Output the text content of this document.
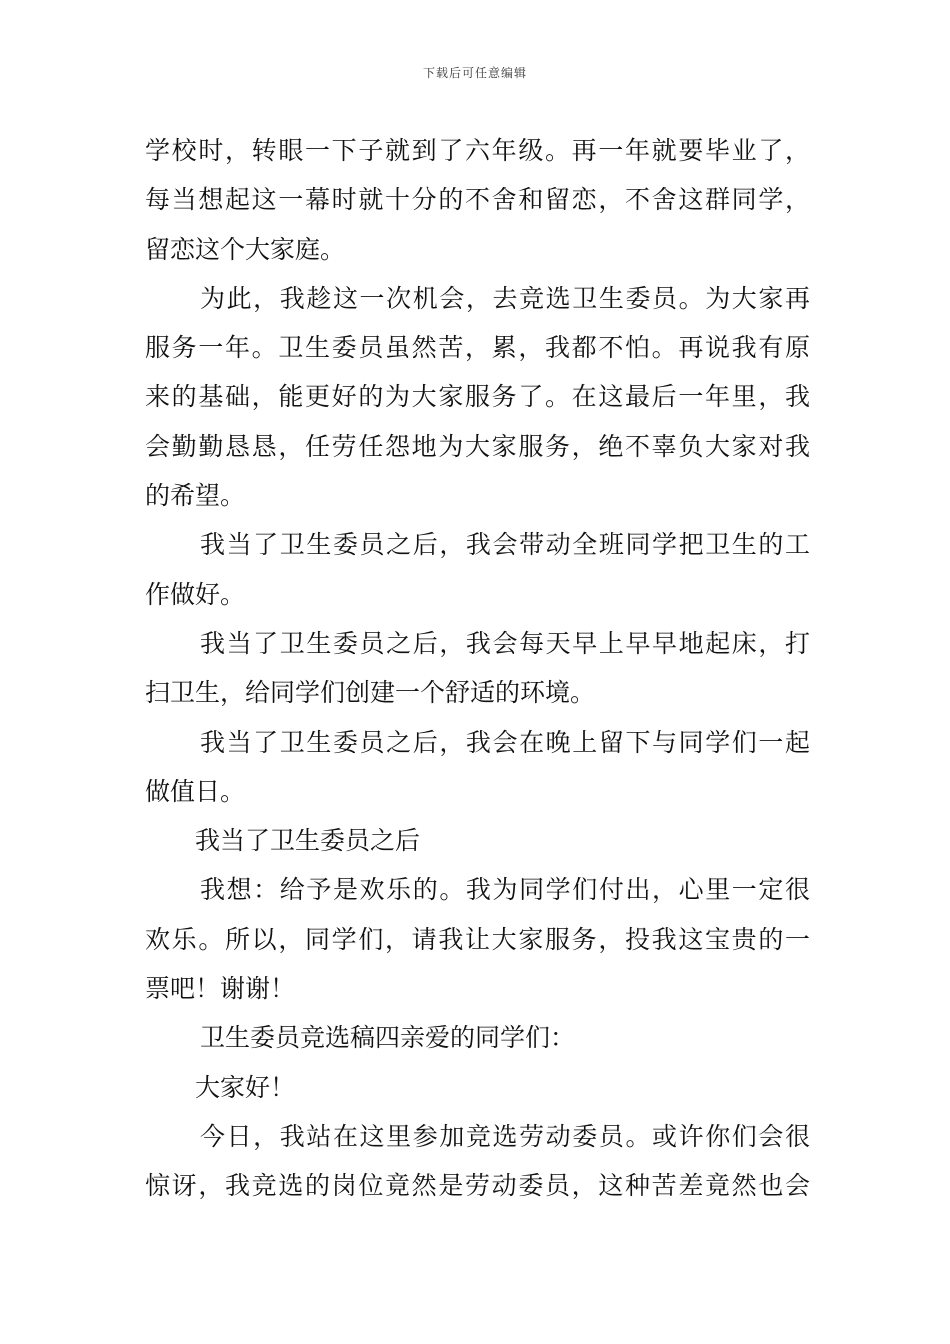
下载后可任意编辑
学校时，转眼一下子就到了六年级。再一年就要毕业了，
每当想起这一幕时就十分的不舍和留恋，不舍这群同学，
留恋这个大家庭。
为此，我趁这一次机会，去竞选卫生委员。为大家再
服务一年。卫生委员虽然苦，累，我都不怕。再说我有原
来的基础，能更好的为大家服务了。在这最后一年里，我
会勤勤恳恳，任劳任怨地为大家服务，绝不辜负大家对我
的希望。
我当了卫生委员之后，我会带动全班同学把卫生的工
作做好。
我当了卫生委员之后，我会每天早上早早地起床，打
扫卫生，给同学们创建一个舒适的环境。
我当了卫生委员之后，我会在晚上留下与同学们一起
做值日。
我当了卫生委员之后
我想：给予是欢乐的。我为同学们付出，心里一定很
欢乐。所以，同学们，请我让大家服务，投我这宝贵的一
票吧！谢谢！
卫生委员竞选稿四亲爱的同学们：
大家好！
今日，我站在这里参加竞选劳动委员。或许你们会很
惊讶，我竞选的岗位竟然是劳动委员，这种苦差竟然也会
